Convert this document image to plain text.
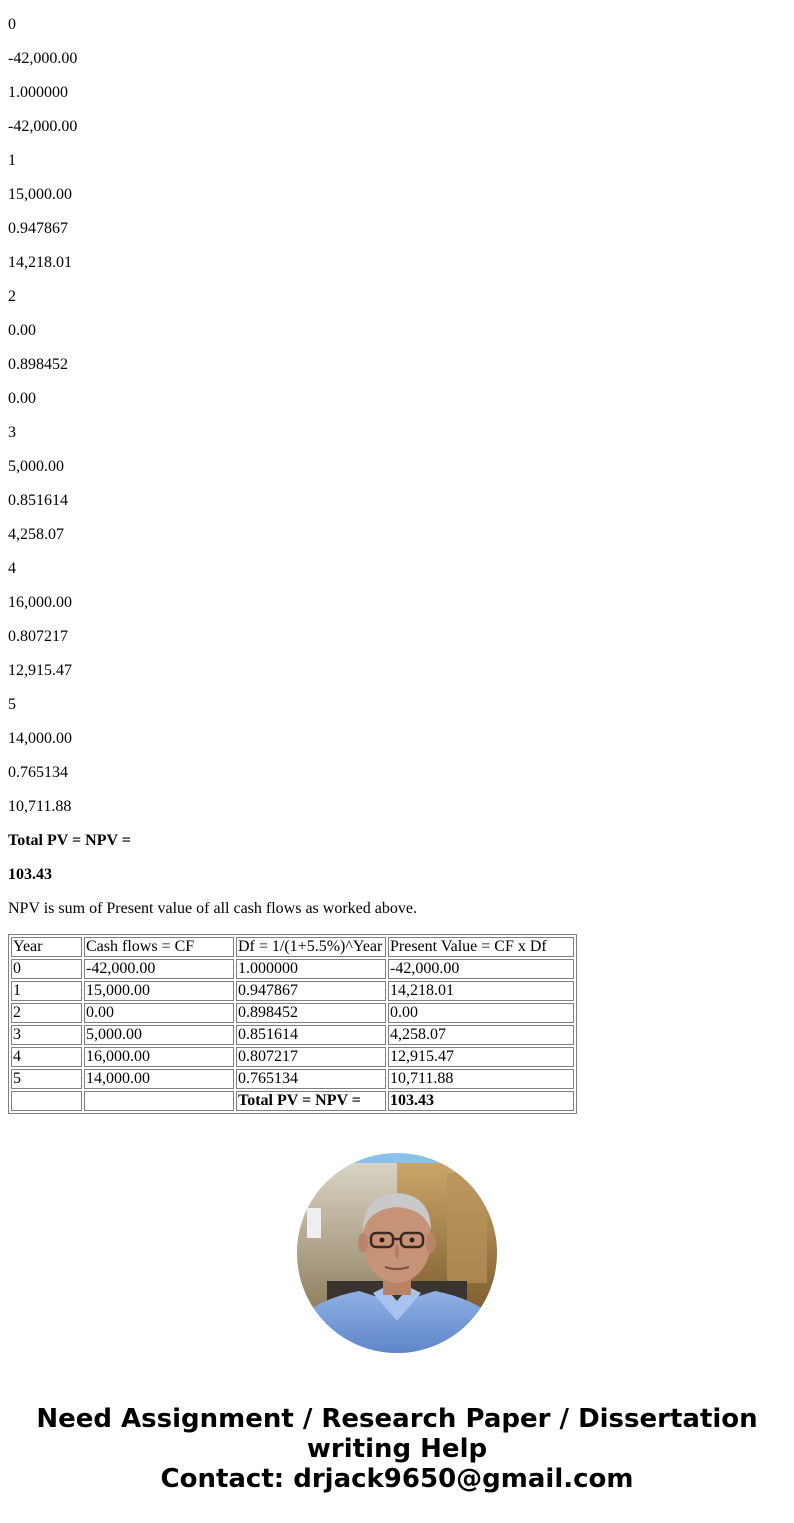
0

-42,000.00

1.000000

-42,000.00

1

15,000.00

0.947867

14,218.01

2

0.00

0.898452

0.00

3

5,000.00

0.851614

4,258.07

4

16,000.00

0.807217

12,915.47

5

14,000.00

0.765134

10,711.88

Total PV = NPV =

103.43

NPV is sum of Present value of all cash flows as worked above.

Year	Cash flows = CF	Df = 1/(1+5.5%)^Year	Present Value = CF x Df
0	-42,000.00	1.000000	-42,000.00
1	15,000.00	0.947867	14,218.01
2	0.00	0.898452	0.00
3	5,000.00	0.851614	4,258.07
4	16,000.00	0.807217	12,915.47
5	14,000.00	0.765134	10,711.88
		Total PV = NPV =	103.43
Need Assignment / Research Paper / Dissertation
writing Help
Contact: drjack9650@gmail.com
